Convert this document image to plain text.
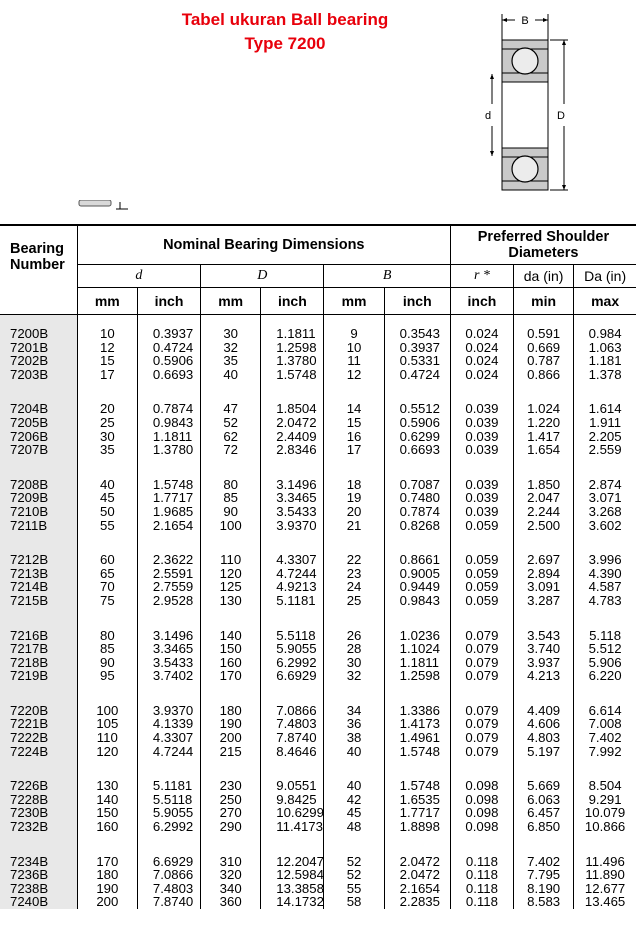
Tabel ukuran Ball bearing
Type 7200
B
d	D
Bearing Number	Nominal Bearing Dimensions						Preferred Shoulder Diameters		
	d		D		B		r *	da (in)	Da (in)
	mm	inch	mm	inch	mm	inch	inch	min	max
7200B	10	0.3937	30	1.1811	9	0.3543	0.024	0.591	0.984
7201B	12	0.4724	32	1.2598	10	0.3937	0.024	0.669	1.063
7202B	15	0.5906	35	1.3780	11	0.5331	0.024	0.787	1.181
7203B	17	0.6693	40	1.5748	12	0.4724	0.024	0.866	1.378

7204B	20	0.7874	47	1.8504	14	0.5512	0.039	1.024	1.614
7205B	25	0.9843	52	2.0472	15	0.5906	0.039	1.220	1.911
7206B	30	1.1811	62	2.4409	16	0.6299	0.039	1.417	2.205
7207B	35	1.3780	72	2.8346	17	0.6693	0.039	1.654	2.559

7208B	40	1.5748	80	3.1496	18	0.7087	0.039	1.850	2.874
7209B	45	1.7717	85	3.3465	19	0.7480	0.039	2.047	3.071
7210B	50	1.9685	90	3.5433	20	0.7874	0.039	2.244	3.268
7211B	55	2.1654	100	3.9370	21	0.8268	0.059	2.500	3.602

7212B	60	2.3622	110	4.3307	22	0.8661	0.059	2.697	3.996
7213B	65	2.5591	120	4.7244	23	0.9005	0.059	2.894	4.390
7214B	70	2.7559	125	4.9213	24	0.9449	0.059	3.091	4.587
7215B	75	2.9528	130	5.1181	25	0.9843	0.059	3.287	4.783

7216B	80	3.1496	140	5.5118	26	1.0236	0.079	3.543	5.118
7217B	85	3.3465	150	5.9055	28	1.1024	0.079	3.740	5.512
7218B	90	3.5433	160	6.2992	30	1.1811	0.079	3.937	5.906
7219B	95	3.7402	170	6.6929	32	1.2598	0.079	4.213	6.220

7220B	100	3.9370	180	7.0866	34	1.3386	0.079	4.409	6.614
7221B	105	4.1339	190	7.4803	36	1.4173	0.079	4.606	7.008
7222B	110	4.3307	200	7.8740	38	1.4961	0.079	4.803	7.402
7224B	120	4.7244	215	8.4646	40	1.5748	0.079	5.197	7.992

7226B	130	5.1181	230	9.0551	40	1.5748	0.098	5.669	8.504
7228B	140	5.5118	250	9.8425	42	1.6535	0.098	6.063	9.291
7230B	150	5.9055	270	10.6299	45	1.7717	0.098	6.457	10.079
7232B	160	6.2992	290	11.4173	48	1.8898	0.098	6.850	10.866

7234B	170	6.6929	310	12.2047	52	2.0472	0.118	7.402	11.496
7236B	180	7.0866	320	12.5984	52	2.0472	0.118	7.795	11.890
7238B	190	7.4803	340	13.3858	55	2.1654	0.118	8.190	12.677
7240B	200	7.8740	360	14.1732	58	2.2835	0.118	8.583	13.465
